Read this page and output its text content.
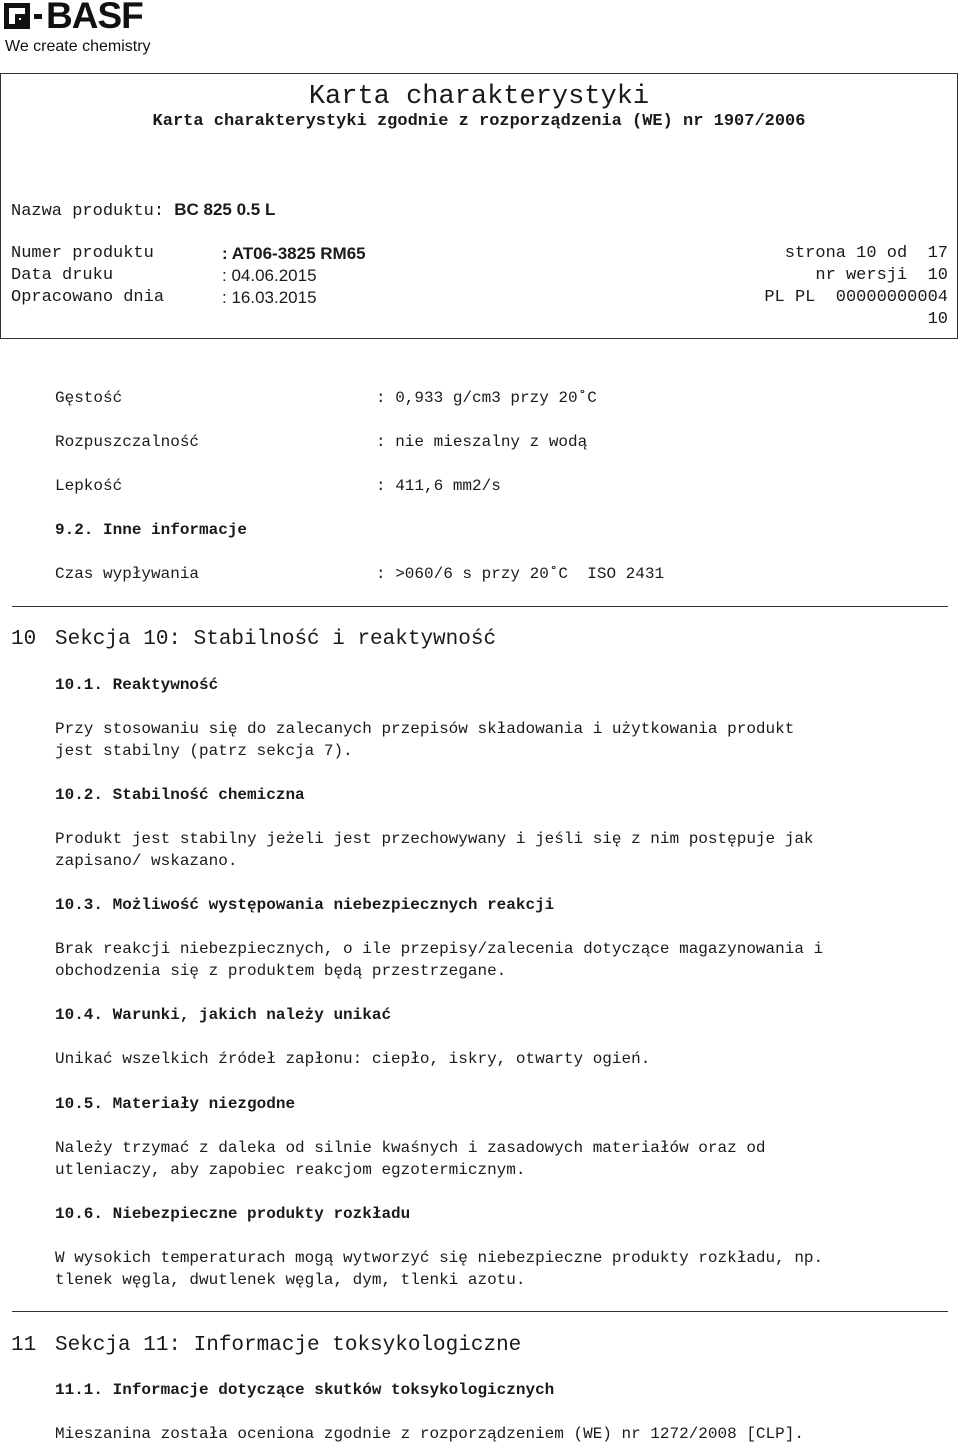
BASF
We create chemistry
Karta charakterystyki
Karta charakterystyki zgodnie z rozporządzenia (WE) nr 1907/2006
Nazwa produktu: BC 825 0.5 L
Numer produktu	: AT06-3825 RM65
Data druku	: 04.06.2015
Opracowano dnia	: 16.03.2015
strona 10 od  17
nr wersji  10
PL PL  00000000004
10
Gęstość	: 0,933 g/cm3 przy 20˚C
Rozpuszczalność	: nie mieszalny z wodą
Lepkość	: 411,6 mm2/s
9.2. Inne informacje
Czas wypływania	: >060/6 s przy 20˚C  ISO 2431
10 Sekcja 10: Stabilność i reaktywność
10.1. Reaktywność
Przy stosowaniu się do zalecanych przepisów składowania i użytkowania produkt
jest stabilny (patrz sekcja 7).
10.2. Stabilność chemiczna
Produkt jest stabilny jeżeli jest przechowywany i jeśli się z nim postępuje jak
zapisano/ wskazano.
10.3. Możliwość występowania niebezpiecznych reakcji
Brak reakcji niebezpiecznych, o ile przepisy/zalecenia dotyczące magazynowania i
obchodzenia się z produktem będą przestrzegane.
10.4. Warunki, jakich należy unikać
Unikać wszelkich źródeł zapłonu: ciepło, iskry, otwarty ogień.
10.5. Materiały niezgodne
Należy trzymać z daleka od silnie kwaśnych i zasadowych materiałów oraz od
utleniaczy, aby zapobiec reakcjom egzotermicznym.
10.6. Niebezpieczne produkty rozkładu
W wysokich temperaturach mogą wytworzyć się niebezpieczne produkty rozkładu, np.
tlenek węgla, dwutlenek węgla, dym, tlenki azotu.
11 Sekcja 11: Informacje toksykologiczne
11.1. Informacje dotyczące skutków toksykologicznych
Mieszanina została oceniona zgodnie z rozporządzeniem (WE) nr 1272/2008 [CLP].
